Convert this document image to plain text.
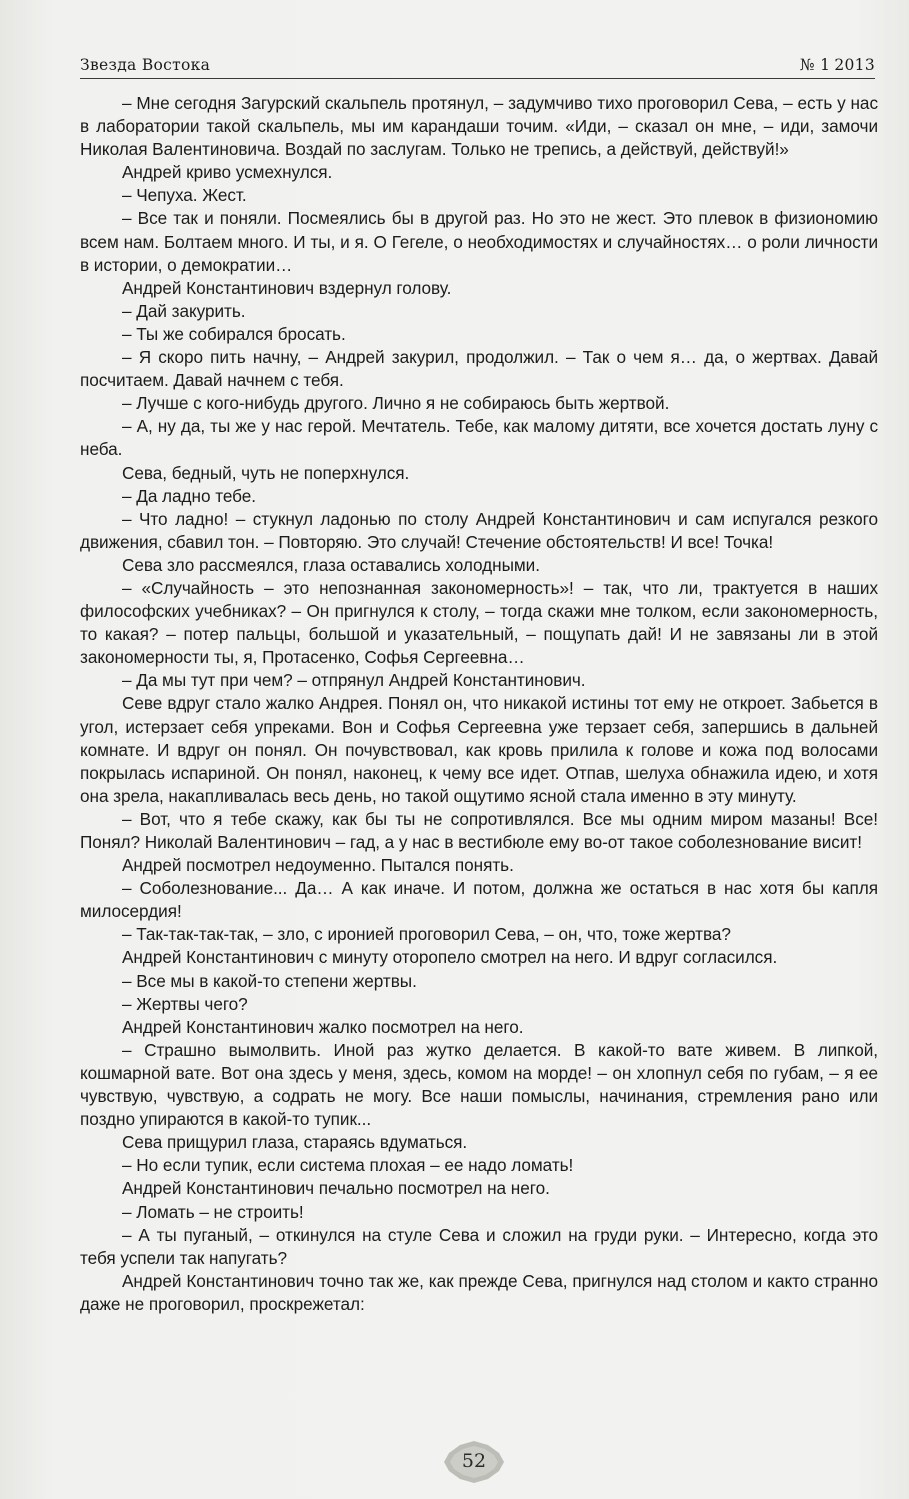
Звезда Востока	№ 1 2013

– Мне сегодня Загурский скальпель протянул, – задумчиво тихо проговорил Сева, – есть у нас в лаборатории такой скальпель, мы им карандаши точим. «Иди, – сказал он мне, – иди, замочи Николая Валентиновича. Воздай по заслугам. Только не трепись, а действуй, действуй!»

Андрей криво усмехнулся.

– Чепуха. Жест.

– Все так и поняли. Посмеялись бы в другой раз. Но это не жест. Это плевок в физиономию всем нам. Болтаем много. И ты, и я. О Гегеле, о необходимостях и случайностях… о роли личности в истории, о демократии…

Андрей Константинович вздернул голову.

– Дай закурить.

– Ты же собирался бросать.

– Я скоро пить начну, – Андрей закурил, продолжил. – Так о чем я… да, о жертвах. Давай посчитаем. Давай начнем с тебя.

– Лучше с кого-нибудь другого. Лично я не собираюсь быть жертвой.

– А, ну да, ты же у нас герой. Мечтатель. Тебе, как малому дитяти, все хочется достать луну с неба.

Сева, бедный, чуть не поперхнулся.

– Да ладно тебе.

– Что ладно! – стукнул ладонью по столу Андрей Константинович и сам испугался резкого движения, сбавил тон. – Повторяю. Это случай! Стечение обстоятельств! И все! Точка!

Сева зло рассмеялся, глаза оставались холодными.

– «Случайность – это непознанная закономерность»! – так, что ли, трактуется в наших философских учебниках? – Он пригнулся к столу, – тогда скажи мне толком, если закономерность, то какая? – потер пальцы, большой и указательный, – пощупать дай! И не завязаны ли в этой закономерности ты, я, Протасенко, Софья Сергеевна…

– Да мы тут при чем? – отпрянул Андрей Константинович.

Севе вдруг стало жалко Андрея. Понял он, что никакой истины тот ему не откроет. Забьется в угол, истерзает себя упреками. Вон и Софья Сергеевна уже терзает себя, запершись в дальней комнате. И вдруг он понял. Он почувствовал, как кровь прилила к голове и кожа под волосами покрылась испариной. Он понял, наконец, к чему все идет. Отпав, шелуха обнажила идею, и хотя она зрела, накапливалась весь день, но такой ощутимо ясной стала именно в эту минуту.

– Вот, что я тебе скажу, как бы ты не сопротивлялся. Все мы одним миром мазаны! Все! Понял? Николай Валентинович – гад, а у нас в вестибюле ему во-от такое соболезнование висит!

Андрей посмотрел недоуменно. Пытался понять.

– Соболезнование... Да… А как иначе. И потом, должна же остаться в нас хотя бы капля милосердия!

– Так-так-так-так, – зло, с иронией проговорил Сева, – он, что, тоже жертва?

Андрей Константинович с минуту оторопело смотрел на него. И вдруг согласился.

– Все мы в какой-то степени жертвы.

– Жертвы чего?

Андрей Константинович жалко посмотрел на него.

– Страшно вымолвить. Иной раз жутко делается. В какой-то вате живем. В липкой, кошмарной вате. Вот она здесь у меня, здесь, комом на морде! – он хлопнул себя по губам, – я ее чувствую, чувствую, а содрать не могу. Все наши помыслы, начинания, стремления рано или поздно упираются в какой-то тупик...

Сева прищурил глаза, стараясь вдуматься.

– Но если тупик, если система плохая – ее надо ломать!

Андрей Константинович печально посмотрел на него.

– Ломать – не строить!

– А ты пуганый, – откинулся на стуле Сева и сложил на груди руки. – Интересно, когда это тебя успели так напугать?

Андрей Константинович точно так же, как прежде Сева, пригнулся над столом и както странно даже не проговорил, проскрежетал:

52
